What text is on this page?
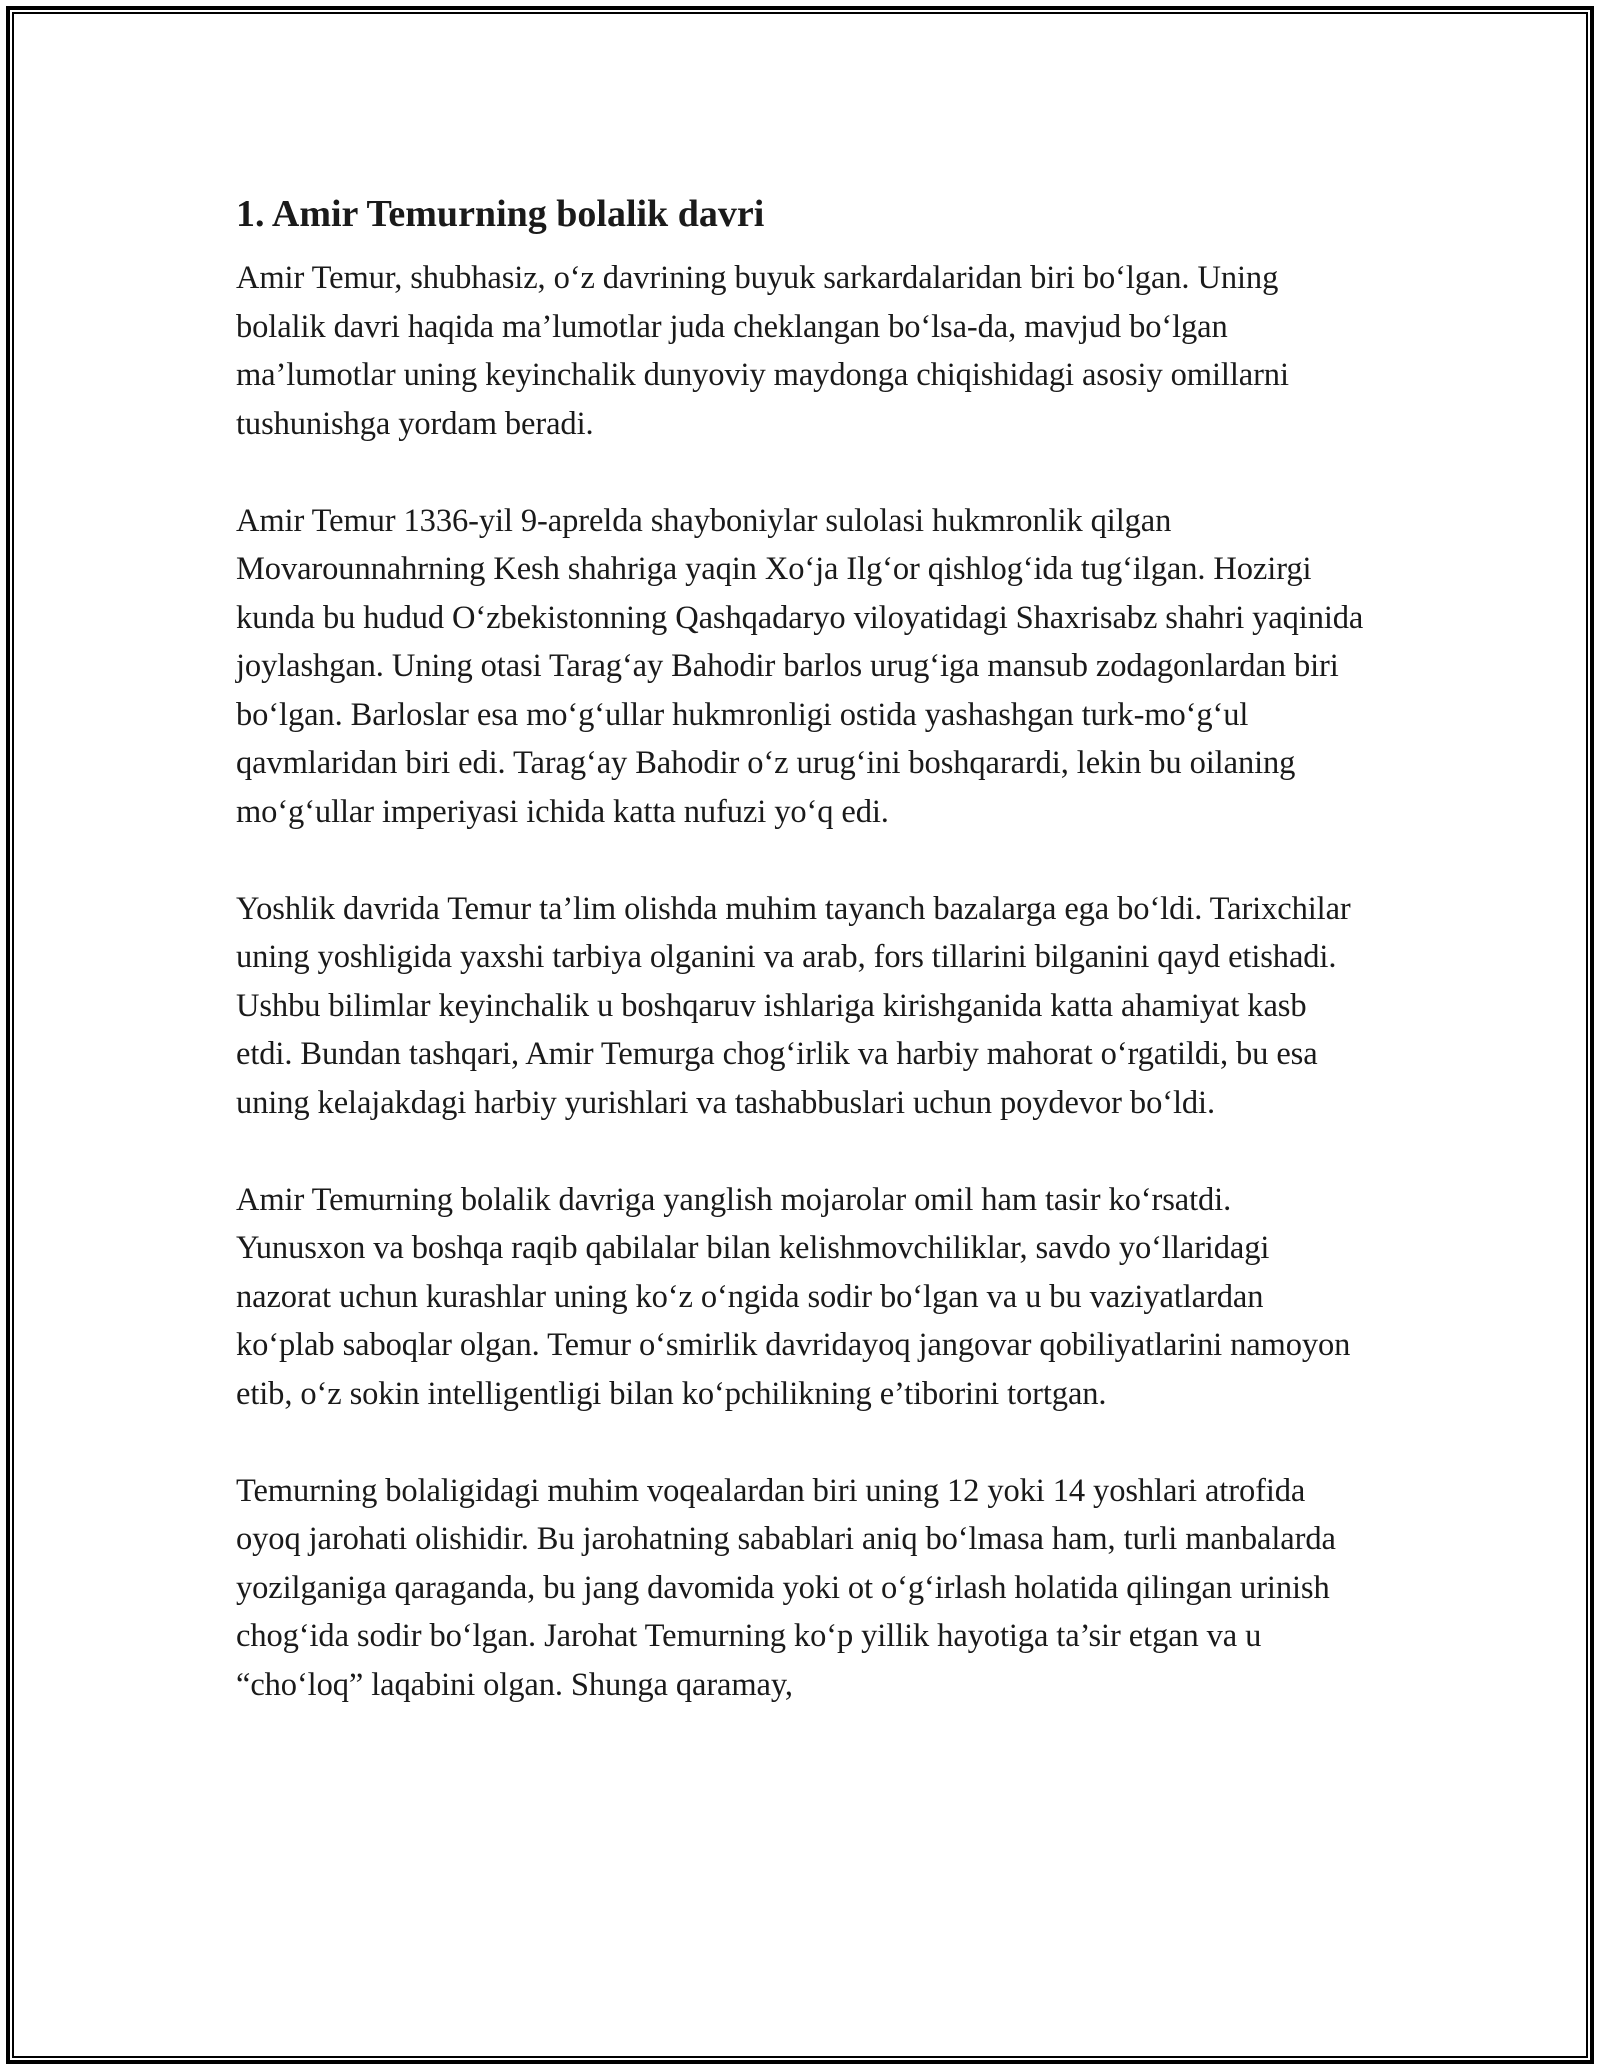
1. Amir Temurning bolalik davri

Amir Temur, shubhasiz, o‘z davrining buyuk sarkardalaridan biri bo‘lgan. Uning bolalik davri haqida ma’lumotlar juda cheklangan bo‘lsa-da, mavjud bo‘lgan ma’lumotlar uning keyinchalik dunyoviy maydonga chiqishidagi asosiy omillarni tushunishga yordam beradi.

Amir Temur 1336-yil 9-aprelda shayboniylar sulolasi hukmronlik qilgan Movarounnahrning Kesh shahriga yaqin Xo‘ja Ilg‘or qishlog‘ida tug‘ilgan. Hozirgi kunda bu hudud O‘zbekistonning Qashqadaryo viloyatidagi Shaxrisabz shahri yaqinida joylashgan. Uning otasi Tarag‘ay Bahodir barlos urug‘iga mansub zodagonlardan biri bo‘lgan. Barloslar esa mo‘g‘ullar hukmronligi ostida yashashgan turk-mo‘g‘ul qavmlaridan biri edi. Tarag‘ay Bahodir o‘z urug‘ini boshqarardi, lekin bu oilaning mo‘g‘ullar imperiyasi ichida katta nufuzi yo‘q edi.

Yoshlik davrida Temur ta’lim olishda muhim tayanch bazalarga ega bo‘ldi. Tarixchilar uning yoshligida yaxshi tarbiya olganini va arab, fors tillarini bilganini qayd etishadi. Ushbu bilimlar keyinchalik u boshqaruv ishlariga kirishganida katta ahamiyat kasb etdi. Bundan tashqari, Amir Temurga chog‘irlik va harbiy mahorat o‘rgatildi, bu esa uning kelajakdagi harbiy yurishlari va tashabbuslari uchun poydevor bo‘ldi.

Amir Temurning bolalik davriga yanglish mojarolar omil ham tasir ko‘rsatdi. Yunusxon va boshqa raqib qabilalar bilan kelishmovchiliklar, savdo yo‘llaridagi nazorat uchun kurashlar uning ko‘z o‘ngida sodir bo‘lgan va u bu vaziyatlardan ko‘plab saboqlar olgan. Temur o‘smirlik davridayoq jangovar qobiliyatlarini namoyon etib, o‘z sokin intelligentligi bilan ko‘pchilikning e’tiborini tortgan.

Temurning bolaligidagi muhim voqealardan biri uning 12 yoki 14 yoshlari atrofida oyoq jarohati olishidir. Bu jarohatning sabablari aniq bo‘lmasa ham, turli manbalarda yozilganiga qaraganda, bu jang davomida yoki ot o‘g‘irlash holatida qilingan urinish chog‘ida sodir bo‘lgan. Jarohat Temurning ko‘p yillik hayotiga ta’sir etgan va u “cho‘loq” laqabini olgan. Shunga qaramay,
